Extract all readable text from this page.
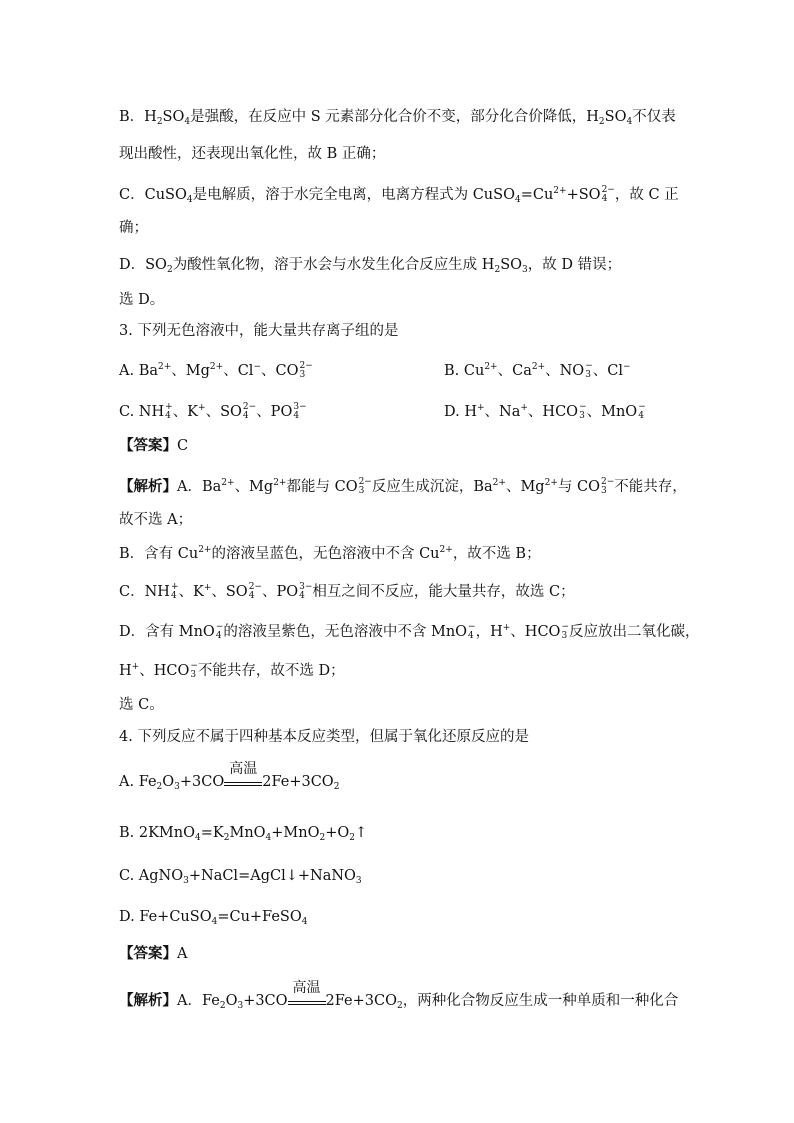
B．$H_2SO_4$是强酸，在反应中 S 元素部分化合价不变，部分化合价降低，$H_2SO_4$不仅表
现出酸性，还表现出氧化性，故 B 正确；
C．CuSO$_4$是电解质，溶于水完全电离，电离方程式为 $CuSO_4=Cu^{2+}+SO$ 2−
4 ，故 C 正
确；
D．$SO_2$为酸性氧化物，溶于水会与水发生化合反应生成 $H_2SO_3$，故 D 错误；
选 D。
3. 下列无色溶液中，能大量共存离子组的是
A. $Ba^{2+}$、$Mg^{2+}$、Cl−、CO 2−
3	B. $Cu^{2+}$、$Ca^{2+}$、NO −
3 、Cl−
C. NH +
4 、K+、SO 2−
4 、PO 3−
4	D. H+、Na+、HCO −
3 、MnO −
4
【答案】C
【解析】A．$Ba^{2+}$、$Mg^{2+}$都能与 CO 2−
3 反应生成沉淀，$Ba^{2+}$、$Mg^{2+}$与 CO 2−
3 不能共存，
故不选 A；
B．含有 $Cu^{2+}$的溶液呈蓝色，无色溶液中不含 $Cu^{2+}$，故不选 B；
C．NH +
4 、K+、SO 2−
4 、PO 3−
4 相互之间不反应，能大量共存，故选 C；
D．含有 MnO −
4 的溶液呈紫色，无色溶液中不含 MnO −
4 ，H+、HCO −
3 反应放出二氧化碳，
H+、HCO −
3 不能共存，故不选 D；
选 C。
4. 下列反应不属于四种基本反应类型，但属于氧化还原反应的是
A. $Fe_2O_3+3CO$
高温
$2Fe+3CO_2$
B. $2KMnO_4=K_2MnO_4+MnO_2+O_2↑$
C. AgNO$_3$+NaCl=AgCl↓+NaNO$_3$
D. Fe+CuSO$_4$=Cu+FeSO$_4$
【答案】A
【解析】A．$Fe_2O_3+3CO$
高温
$2Fe+3CO_2$，两种化合物反应生成一种单质和一种化合
